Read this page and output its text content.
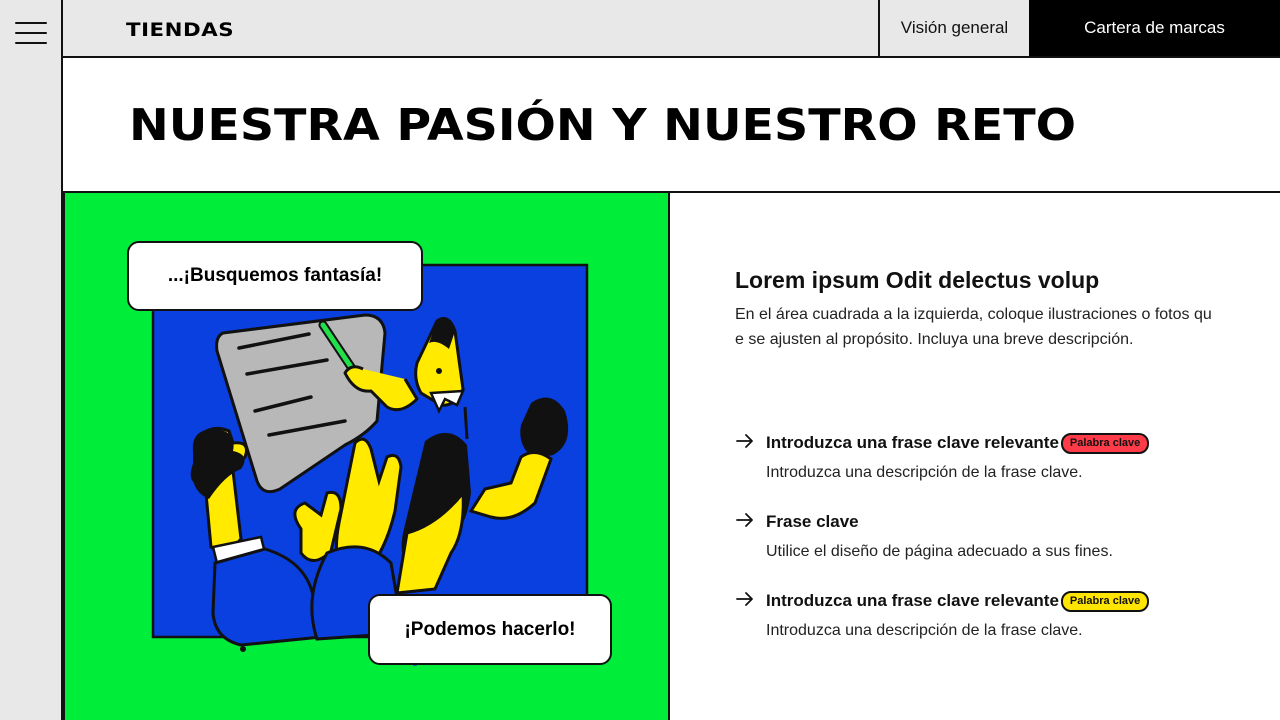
TIENDAS	Visión general	Cartera de marcas
NUESTRA PASIÓN Y NUESTRO RETO
...¡Busquemos fantasía!
¡Podemos hacerlo!
Lorem ipsum Odit delectus volup

En el área cuadrada a la izquierda, coloque ilustraciones o fotos que se ajusten al propósito. Incluya una breve descripción.

Introduzca una frase clave relevante Palabra clave
Introduzca una descripción de la frase clave.
Frase clave
Utilice el diseño de página adecuado a sus fines.
Introduzca una frase clave relevante Palabra clave
Introduzca una descripción de la frase clave.
